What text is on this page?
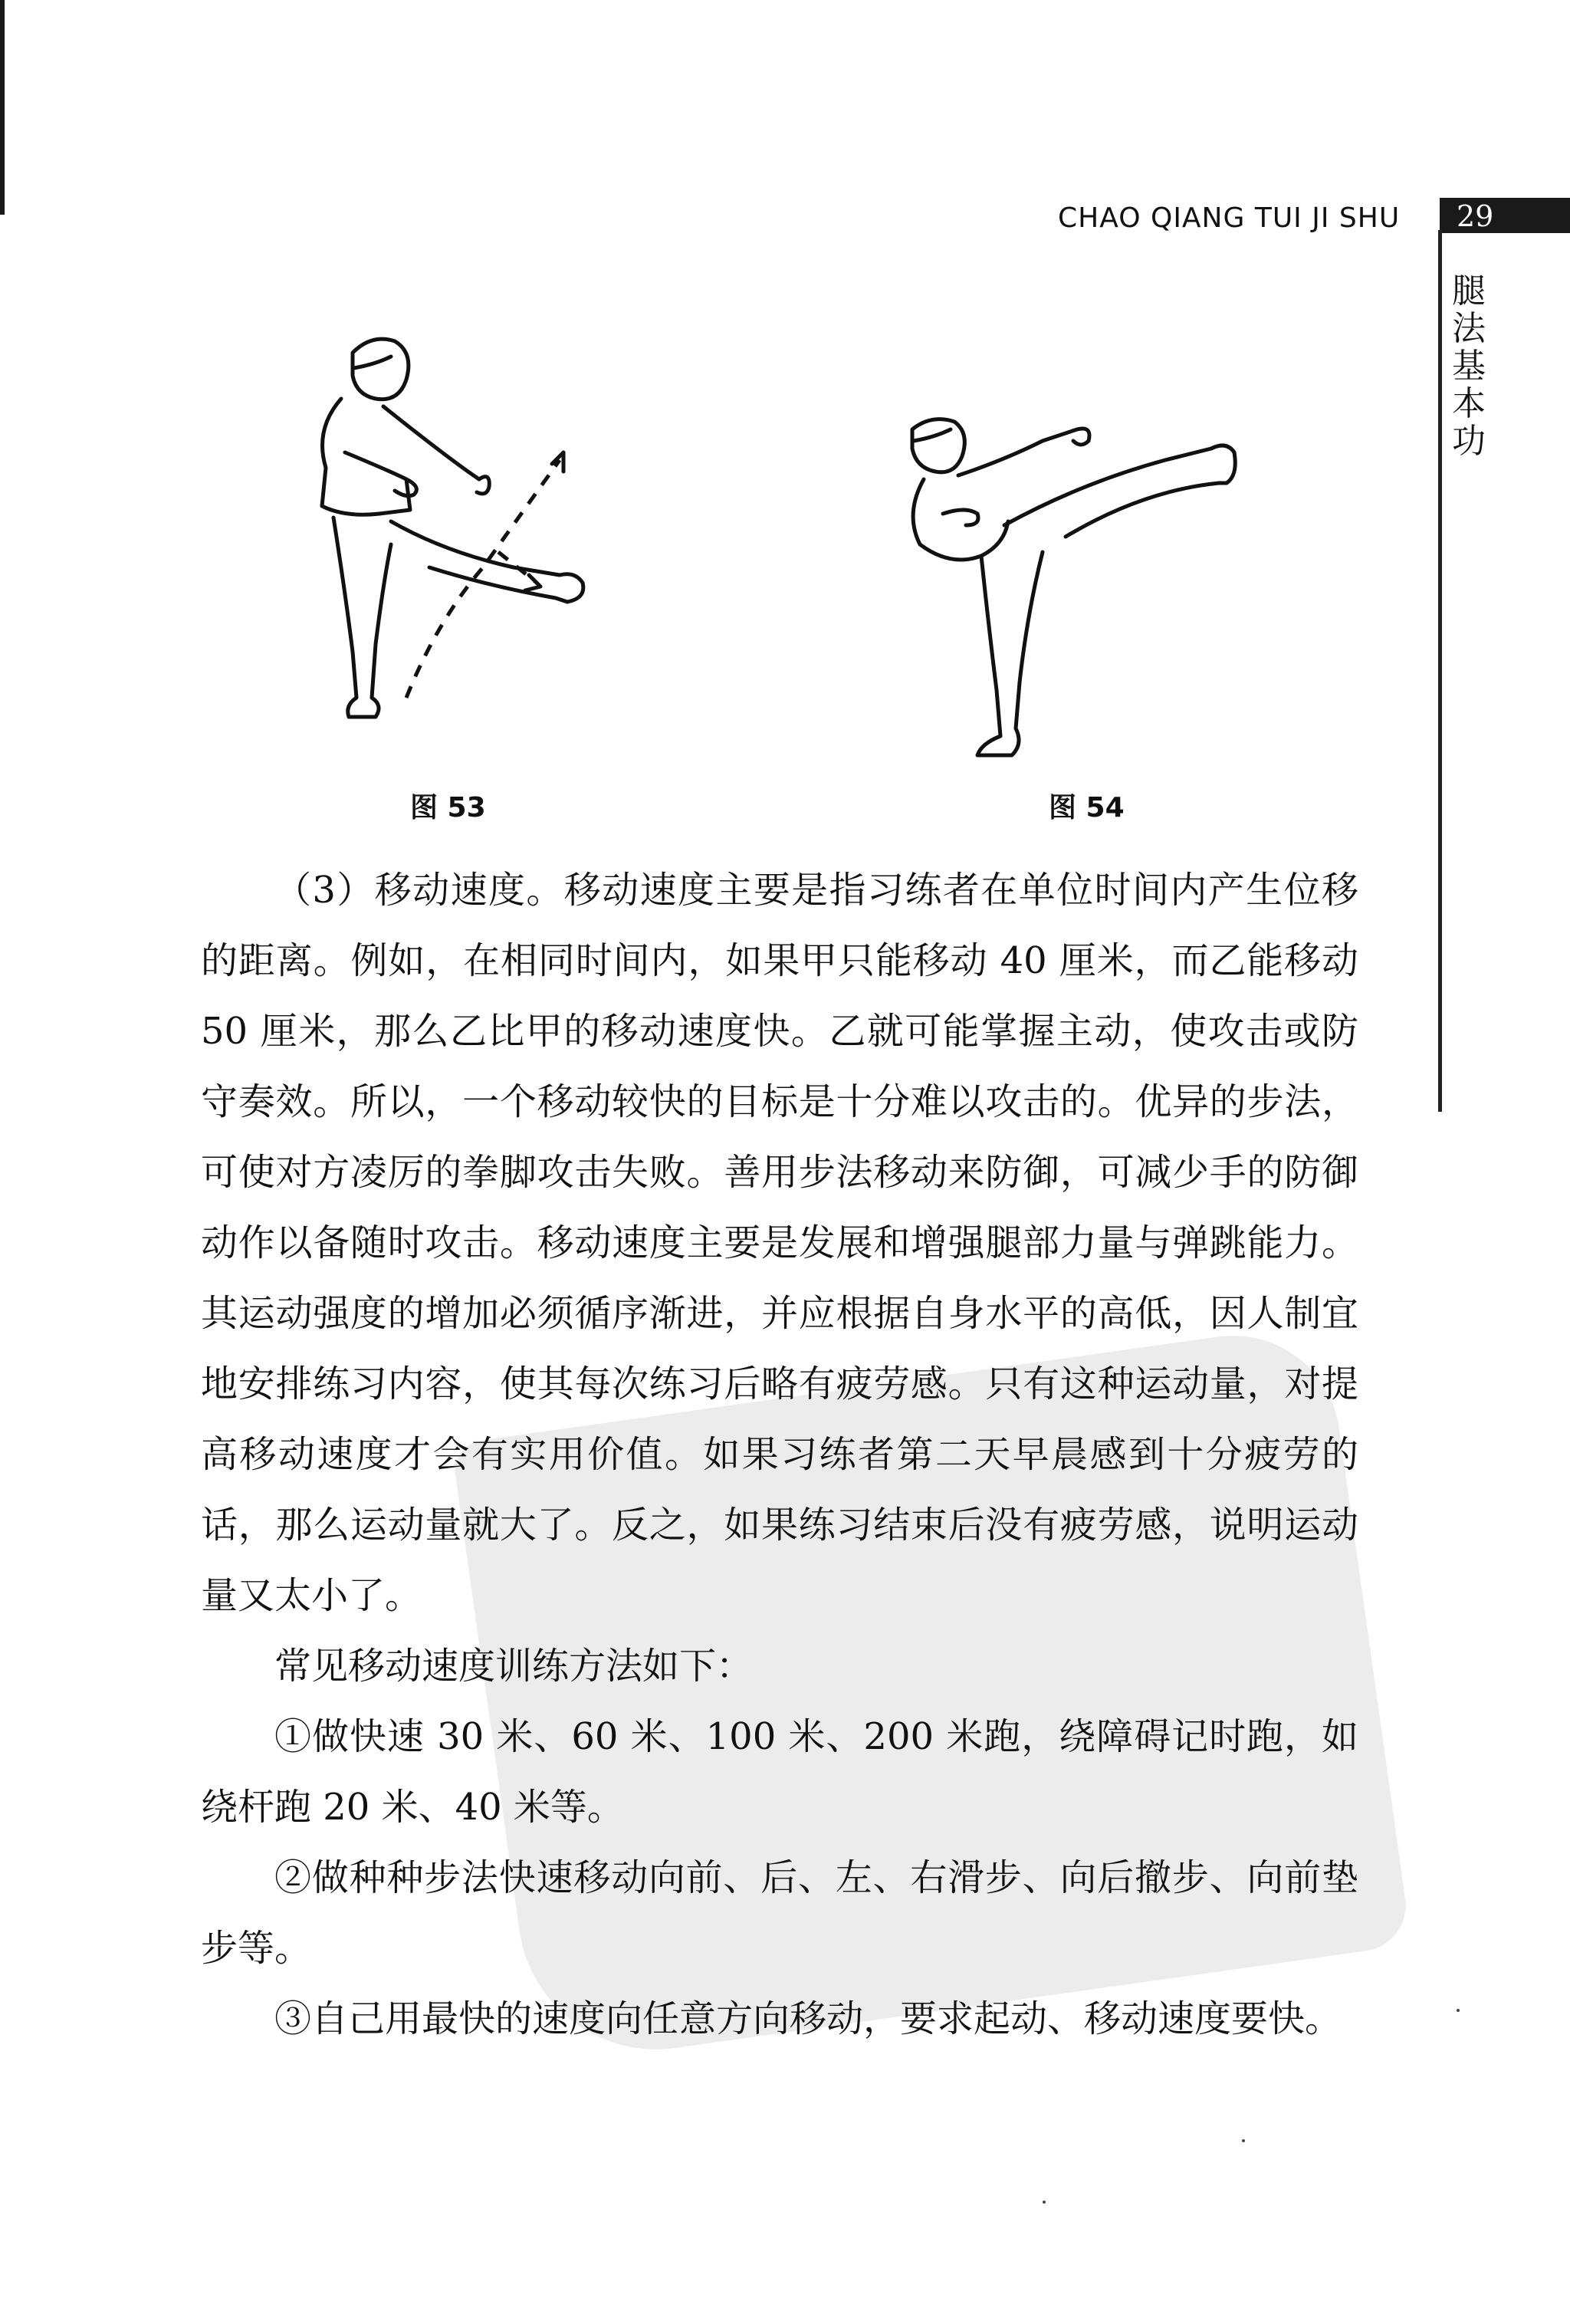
CHAO QIANG TUI JI SHU 29
腿法基本功
图 53	图 54

（3）移动速度。移动速度主要是指习练者在单位时间内产生位移的距离。例如，在相同时间内，如果甲只能移动 40 厘米，而乙能移动 50 厘米，那么乙比甲的移动速度快。乙就可能掌握主动，使攻击或防守奏效。所以，一个移动较快的目标是十分难以攻击的。优异的步法，可使对方凌厉的拳脚攻击失败。善用步法移动来防御，可减少手的防御动作以备随时攻击。移动速度主要是发展和增强腿部力量与弹跳能力。其运动强度的增加必须循序渐进，并应根据自身水平的高低，因人制宜地安排练习内容，使其每次练习后略有疲劳感。只有这种运动量，对提高移动速度才会有实用价值。如果习练者第二天早晨感到十分疲劳的话，那么运动量就大了。反之，如果练习结束后没有疲劳感，说明运动量又太小了。

常见移动速度训练方法如下：

①做快速 30 米、60 米、100 米、200 米跑，绕障碍记时跑，如绕杆跑 20 米、40 米等。

②做种种步法快速移动向前、后、左、右滑步、向后撤步、向前垫步等。

③自己用最快的速度向任意方向移动，要求起动、移动速度要快。
